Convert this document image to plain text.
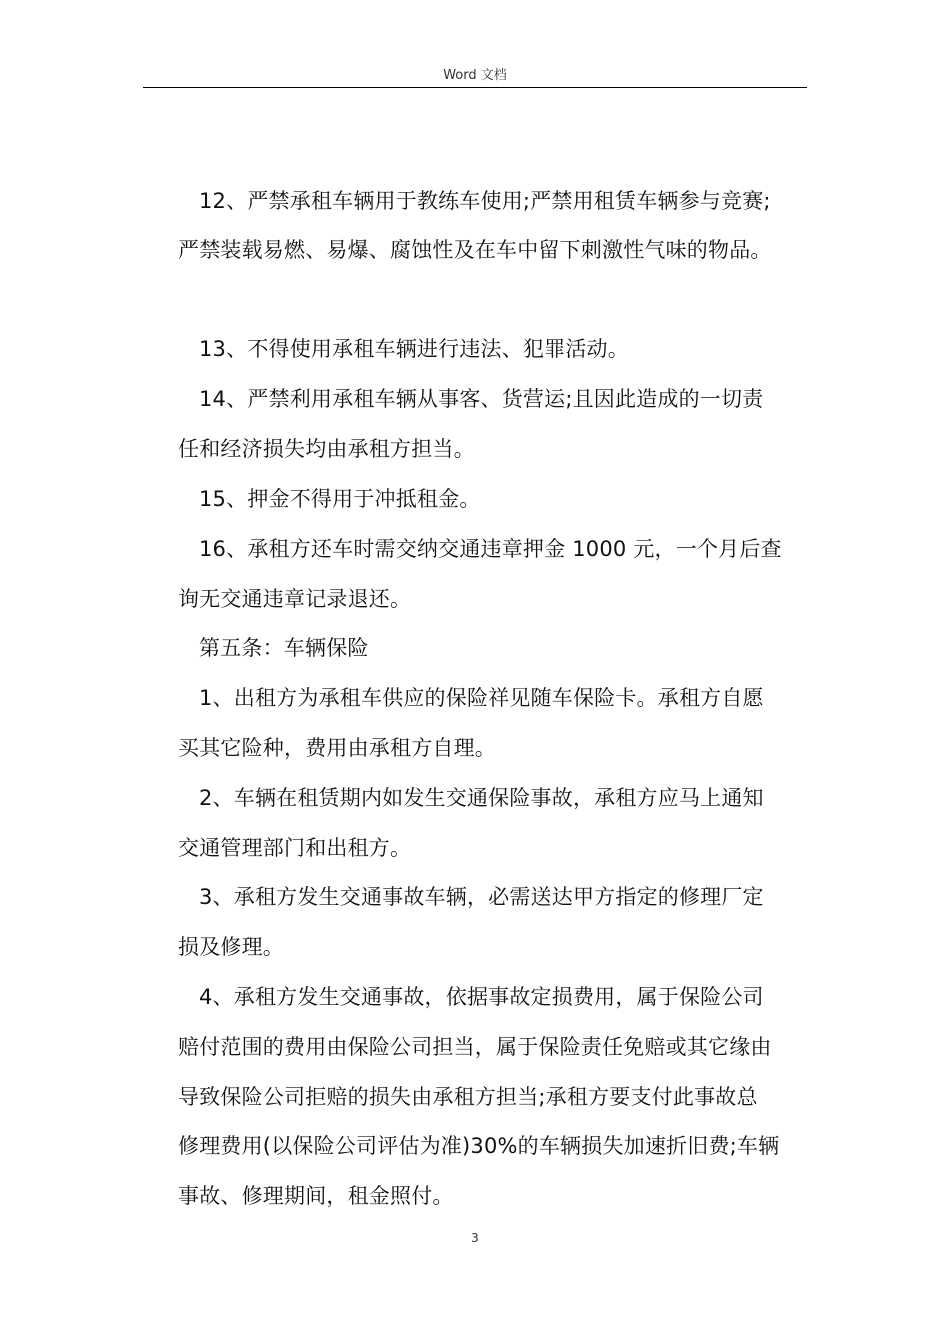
Word 文档
12、严禁承租车辆用于教练车使用;严禁用租赁车辆参与竞赛;
严禁装载易燃、易爆、腐蚀性及在车中留下刺激性气味的物品。
13、不得使用承租车辆进行违法、犯罪活动。
14、严禁利用承租车辆从事客、货营运;且因此造成的一切责
任和经济损失均由承租方担当。
15、押金不得用于冲抵租金。
16、承租方还车时需交纳交通违章押金 1000 元，一个月后查
询无交通违章记录退还。
第五条：车辆保险
1、出租方为承租车供应的保险祥见随车保险卡。承租方自愿
买其它险种，费用由承租方自理。
2、车辆在租赁期内如发生交通保险事故，承租方应马上通知
交通管理部门和出租方。
3、承租方发生交通事故车辆，必需送达甲方指定的修理厂定
损及修理。
4、承租方发生交通事故，依据事故定损费用，属于保险公司
赔付范围的费用由保险公司担当，属于保险责任免赔或其它缘由
导致保险公司拒赔的损失由承租方担当;承租方要支付此事故总
修理费用(以保险公司评估为准)30%的车辆损失加速折旧费;车辆
事故、修理期间，租金照付。
3
